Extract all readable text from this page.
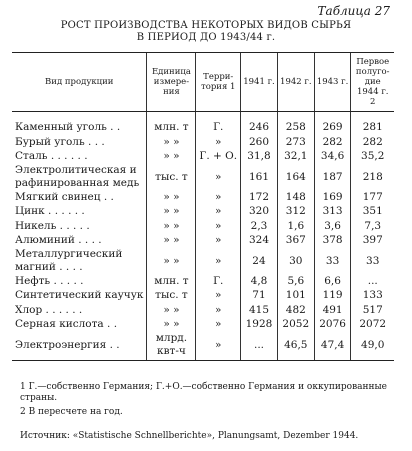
Таблица 27
РОСТ ПРОИЗВОДСТВА НЕКОТОРЫХ ВИДОВ СЫРЬЯ
В ПЕРИОД ДО 1943/44 г.
Вид продукции	Единица измере-ния	Терри-тория 1	1941 г.	1942 г.	1943 г.	Первое полуго-дие 1944 г. 2
Каменный уголь . .	млн. т	Г.	246	258	269	281
Бурый уголь . . .	» »	»	260	273	282	282
Сталь . . . . . .	» »	Г. + О.	31,8	32,1	34,6	35,2
Электролитическая и рафинированная медь	тыс. т	»	161	164	187	218
Мягкий свинец . .	» »	»	172	148	169	177
Цинк . . . . . .	» »	»	320	312	313	351
Никель . . . . .	» »	»	2,3	1,6	3,6	7,3
Алюминий . . . .	» »	»	324	367	378	397
Металлургический магний . . . .	» »	»	24	30	33	33
Нефть . . . . .	млн. т	Г.	4,8	5,6	6,6	...
Синтетический каучук	тыс. т	»	71	101	119	133
Хлор . . . . . .	» »	»	415	482	491	517
Серная кислота . .	» »	»	1928	2052	2076	2072
Электроэнергия . .	млрд. квт-ч	»	...	46,5	47,4	49,0
1 Г.—собственно Германия; Г.+О.—собственно Германия и оккупированные страны.
2 В пересчете на год.
Источник: «Statistische Schnellberichte», Planungsamt, Dezember 1944.
